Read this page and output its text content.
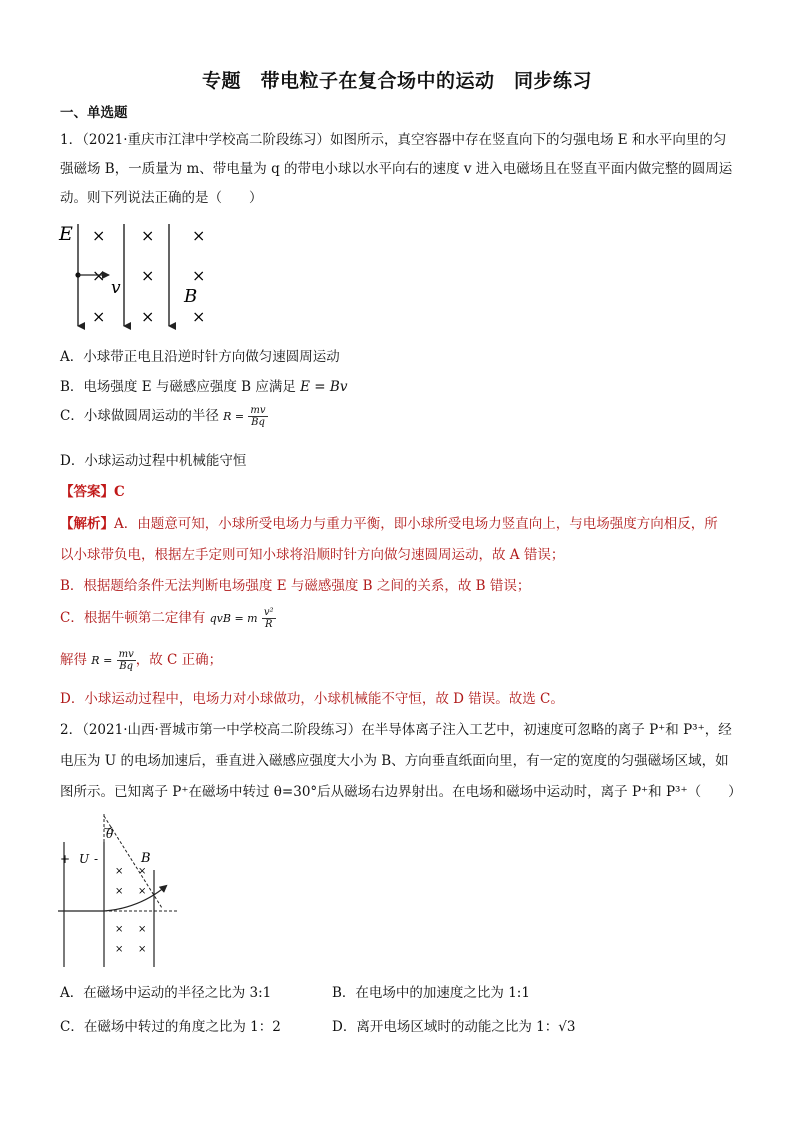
专题　带电粒子在复合场中的运动　同步练习
一、单选题
1．（2021·重庆市江津中学校高二阶段练习）如图所示，真空容器中存在竖直向下的匀强电场 E 和水平向里的匀
强磁场 B，一质量为 m、带电量为 q 的带电小球以水平向右的速度 v 进入电磁场且在竖直平面内做完整的圆周运
动。则下列说法正确的是（　　）
E × × ×
× × ×
× × ×
v	B
A．小球带正电且沿逆时针方向做匀速圆周运动
B．电场强度 E 与磁感应强度 B 应满足 E = Bv
C．小球做圆周运动的半径 $R = \frac{mv}{Bq}$
D．小球运动过程中机械能守恒
【答案】C
【解析】A．由题意可知，小球所受电场力与重力平衡，即小球所受电场力竖直向上，与电场强度方向相反，所
以小球带负电，根据左手定则可知小球将沿顺时针方向做匀速圆周运动，故 A 错误；
B．根据题给条件无法判断电场强度 E 与磁感强度 B 之间的关系，故 B 错误；
C．根据牛顿第二定律有 qvB = m $\frac{\text{v²}}{R}$
解得 $R = \frac{mv}{Bq}$ ，故 C 正确；
D．小球运动过程中，电场力对小球做功，小球机械能不守恒，故 D 错误。故选 C。
2．（2021·山西·晋城市第一中学校高二阶段练习）在半导体离子注入工艺中，初速度可忽略的离子 P⁺和 P³⁺，经
电压为 U 的电场加速后，垂直进入磁感应强度大小为 B、方向垂直纸面向里，有一定的宽度的匀强磁场区域，如
图所示。已知离子 P⁺在磁场中转过 θ=30°后从磁场右边界射出。在电场和磁场中运动时，离子 P⁺和 P³⁺（　　）
+ U -
θ
B
× ×
× ×
× ×
× ×
A．在磁场中运动的半径之比为 3:1	B．在电场中的加速度之比为 1:1
C．在磁场中转过的角度之比为 1：2	D．离开电场区域时的动能之比为 1：√3
